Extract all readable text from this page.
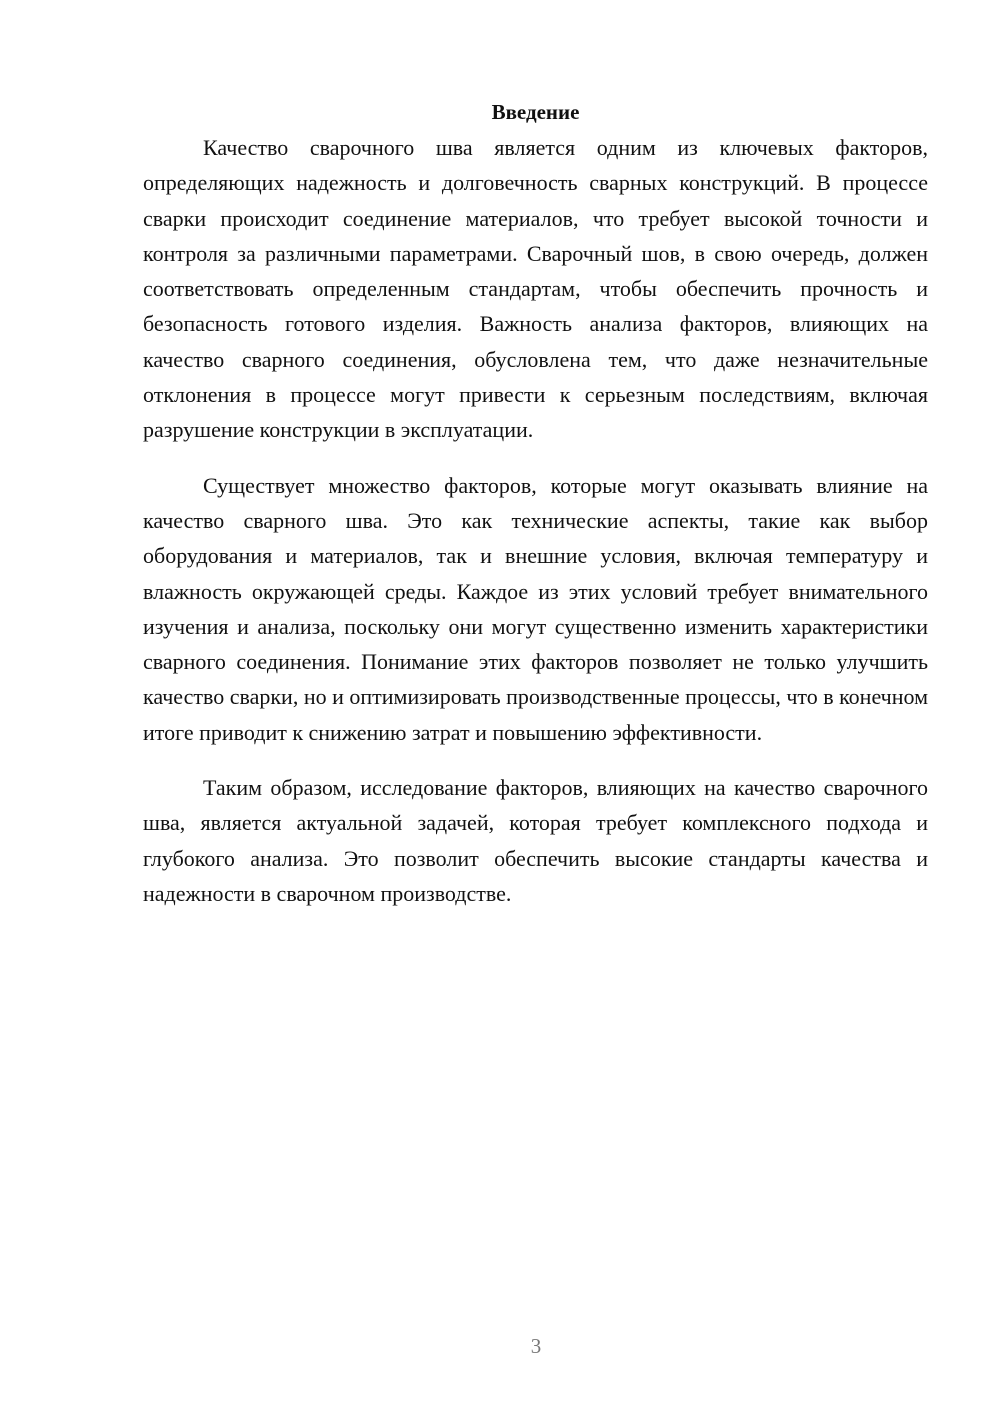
Введение

Качество сварочного шва является одним из ключевых факторов, определяющих надежность и долговечность сварных конструкций. В процессе сварки происходит соединение материалов, что требует высокой точности и контроля за различными параметрами. Сварочный шов, в свою очередь, должен соответствовать определенным стандартам, чтобы обеспечить прочность и безопасность готового изделия. Важность анализа факторов, влияющих на качество сварного соединения, обусловлена тем, что даже незначительные отклонения в процессе могут привести к серьезным последствиям, включая разрушение конструкции в эксплуатации.

Существует множество факторов, которые могут оказывать влияние на качество сварного шва. Это как технические аспекты, такие как выбор оборудования и материалов, так и внешние условия, включая температуру и влажность окружающей среды. Каждое из этих условий требует внимательного изучения и анализа, поскольку они могут существенно изменить характеристики сварного соединения. Понимание этих факторов позволяет не только улучшить качество сварки, но и оптимизировать производственные процессы, что в конечном итоге приводит к снижению затрат и повышению эффективности.

Таким образом, исследование факторов, влияющих на качество сварочного шва, является актуальной задачей, которая требует комплексного подхода и глубокого анализа. Это позволит обеспечить высокие стандарты качества и надежности в сварочном производстве.

3
